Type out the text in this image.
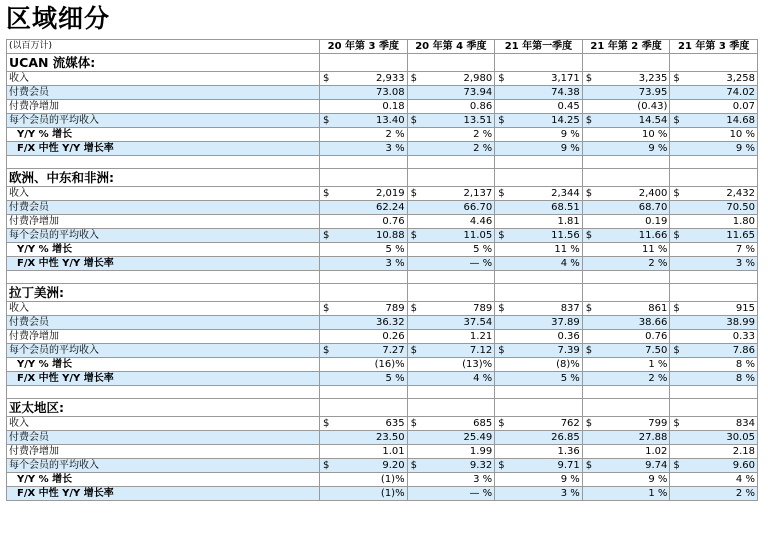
区域细分
(以百万计)	20 年第 3 季度	20 年第 4 季度	21 年第一季度	21 年第 2 季度	21 年第 3 季度
UCAN 流媒体:					
收入	$ 2,933	$ 2,980	$ 3,171	$ 3,235	$ 3,258
付费会员	73.08	73.94	74.38	73.95	74.02
付费净增加	0.18	0.86	0.45	(0.43)	0.07
每个会员的平均收入	$ 13.40	$ 13.51	$ 14.25	$ 14.54	$ 14.68
Y/Y % 增长	2 %	2 %	9 %	10 %	10 %
F/X 中性 Y/Y 增长率	3 %	2 %	9 %	9 %	9 %

欧洲、中东和非洲:					
收入	$ 2,019	$ 2,137	$ 2,344	$ 2,400	$ 2,432
付费会员	62.24	66.70	68.51	68.70	70.50
付费净增加	0.76	4.46	1.81	0.19	1.80
每个会员的平均收入	$ 10.88	$ 11.05	$ 11.56	$ 11.66	$ 11.65
Y/Y % 增长	5 %	5 %	11 %	11 %	7 %
F/X 中性 Y/Y 增长率	3 %	— %	4 %	2 %	3 %

拉丁美洲:					
收入	$ 789	$ 789	$ 837	$ 861	$ 915
付费会员	36.32	37.54	37.89	38.66	38.99
付费净增加	0.26	1.21	0.36	0.76	0.33
每个会员的平均收入	$ 7.27	$ 7.12	$ 7.39	$ 7.50	$ 7.86
Y/Y % 增长	(16)%	(13)%	(8)%	1 %	8 %
F/X 中性 Y/Y 增长率	5 %	4 %	5 %	2 %	8 %

亚太地区:					
收入	$ 635	$ 685	$ 762	$ 799	$ 834
付费会员	23.50	25.49	26.85	27.88	30.05
付费净增加	1.01	1.99	1.36	1.02	2.18
每个会员的平均收入	$ 9.20	$ 9.32	$ 9.71	$ 9.74	$ 9.60
Y/Y % 增长	(1)%	3 %	9 %	9 %	4 %
F/X 中性 Y/Y 增长率	(1)%	— %	3 %	1 %	2 %
